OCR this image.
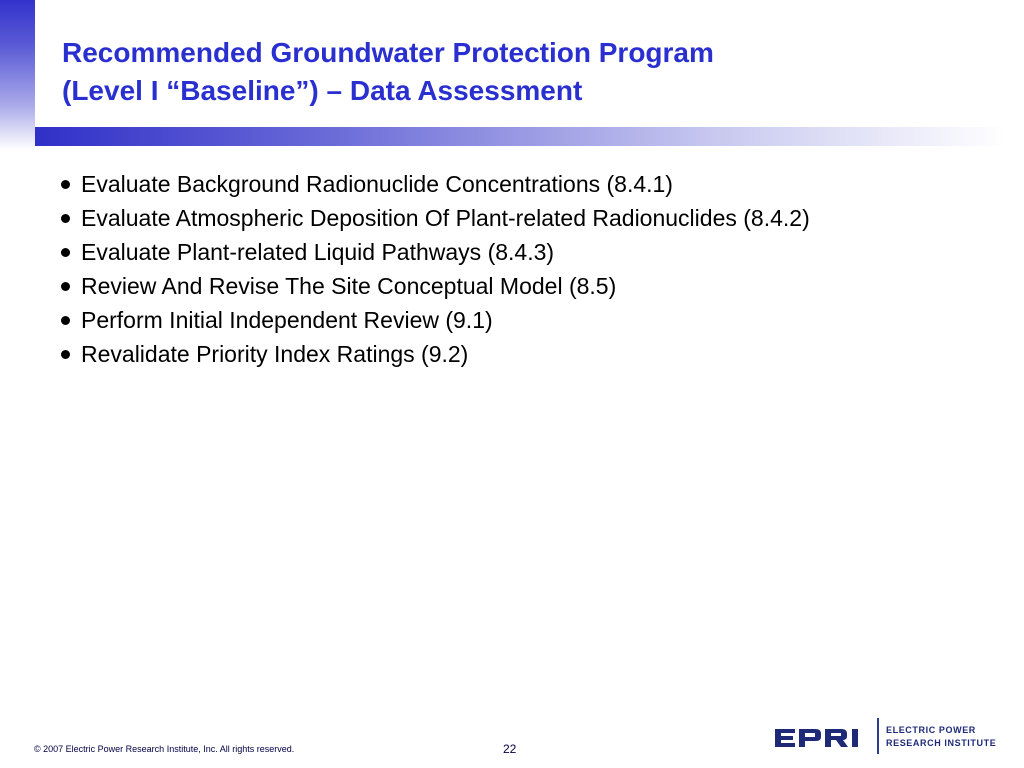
Recommended Groundwater Protection Program
(Level I “Baseline”) – Data Assessment
Evaluate Background Radionuclide Concentrations (8.4.1)
Evaluate Atmospheric Deposition Of Plant-related Radionuclides (8.4.2)
Evaluate Plant-related Liquid Pathways (8.4.3)
Review And Revise The Site Conceptual Model (8.5)
Perform Initial Independent Review (9.1)
Revalidate Priority Index Ratings (9.2)
© 2007 Electric Power Research Institute, Inc. All rights reserved.	22
ELECTRIC POWER
RESEARCH INSTITUTE
